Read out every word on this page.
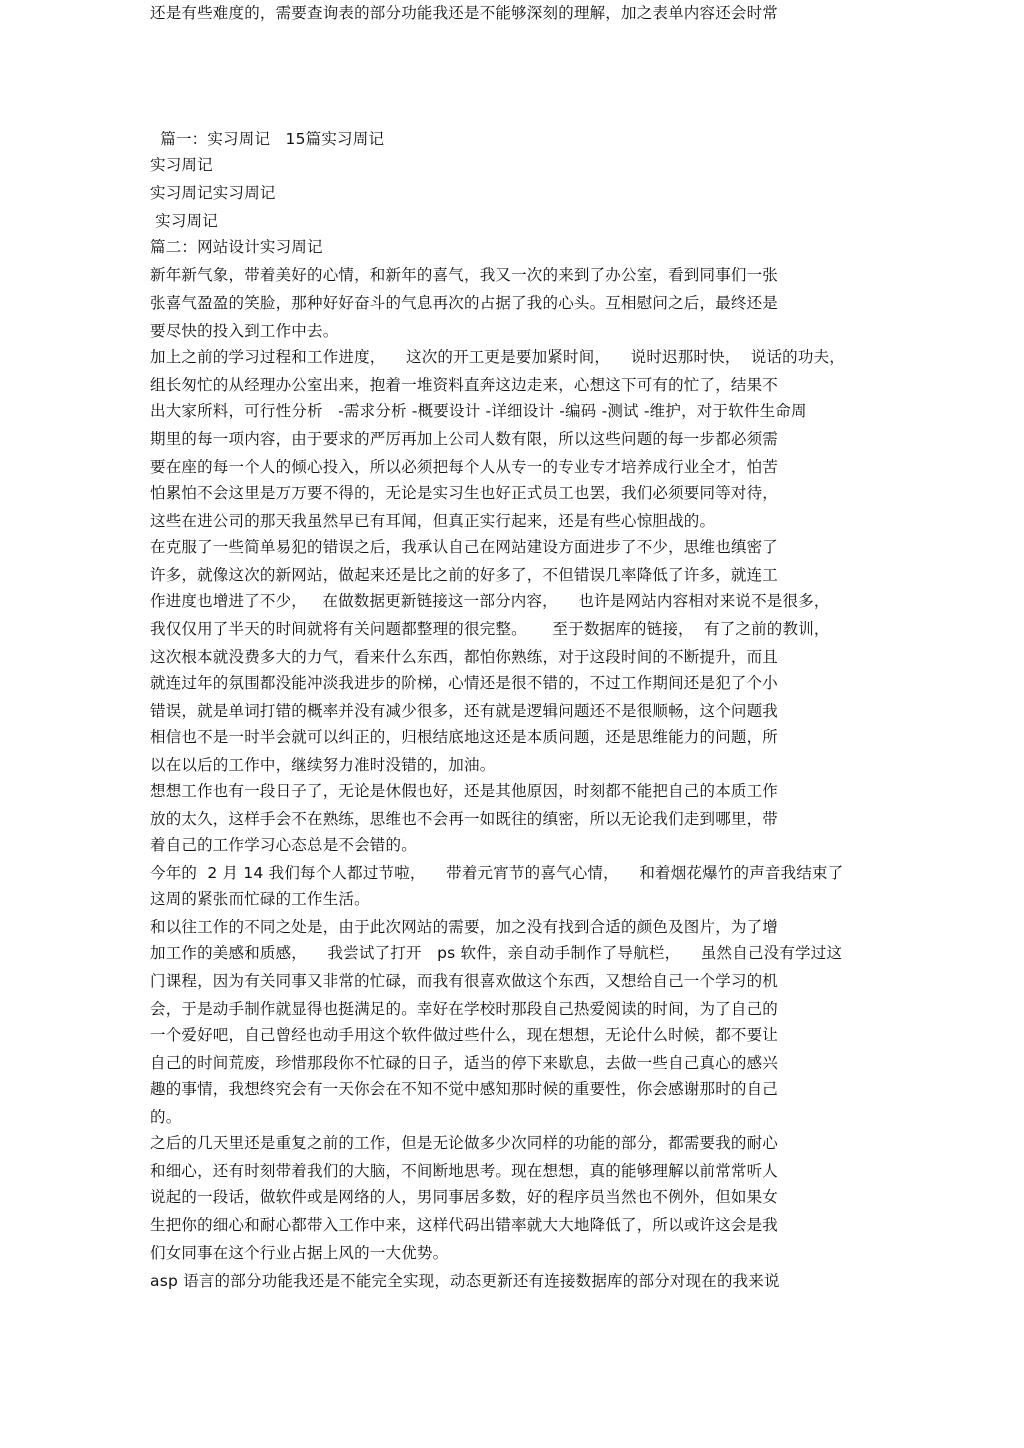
篇一：实习周记   15篇实习周记
实习周记
实习周记实习周记
实习周记
篇二：网站设计实习周记
新年新气象，带着美好的心情，和新年的喜气，我又一次的来到了办公室，看到同事们一张
张喜气盈盈的笑脸，那种好好奋斗的气息再次的占据了我的心头。互相慰问之后，最终还是
要尽快的投入到工作中去。
加上之前的学习过程和工作进度，    这次的开工更是要加紧时间，    说时迟那时快，  说话的功夫，
组长匆忙的从经理办公室出来，抱着一堆资料直奔这边走来，心想这下可有的忙了，结果不
出大家所料，可行性分析   -需求分析 -概要设计 -详细设计 -编码 -测试 -维护，对于软件生命周
期里的每一项内容，由于要求的严厉再加上公司人数有限，所以这些问题的每一步都必须需
要在座的每一个人的倾心投入，所以必须把每个人从专一的专业专才培养成行业全才，怕苦
怕累怕不会这里是万万要不得的，无论是实习生也好正式员工也罢，我们必须要同等对待，
这些在进公司的那天我虽然早已有耳闻，但真正实行起来，还是有些心惊胆战的。
在克服了一些简单易犯的错误之后，我承认自己在网站建设方面进步了不少，思维也缜密了
许多，就像这次的新网站，做起来还是比之前的好多了，不但错误几率降低了许多，就连工
作进度也增进了不少，   在做数据更新链接这一部分内容，    也许是网站内容相对来说不是很多，
我仅仅用了半天的时间就将有关问题都整理的很完整。     至于数据库的链接，  有了之前的教训，
这次根本就没费多大的力气，看来什么东西，都怕你熟练，对于这段时间的不断提升，而且
就连过年的氛围都没能冲淡我进步的阶梯，心情还是很不错的，不过工作期间还是犯了个小
错误，就是单词打错的概率并没有减少很多，还有就是逻辑问题还不是很顺畅，这个问题我
相信也不是一时半会就可以纠正的，归根结底地这还是本质问题，还是思维能力的问题，所
以在以后的工作中，继续努力准时没错的，加油。
想想工作也有一段日子了，无论是休假也好，还是其他原因，时刻都不能把自己的本质工作
放的太久，这样手会不在熟练，思维也不会再一如既往的缜密，所以无论我们走到哪里，带
着自己的工作学习心态总是不会错的。
今年的  2 月 14 我们每个人都过节啦，    带着元宵节的喜气心情，    和着烟花爆竹的声音我结束了
这周的紧张而忙碌的工作生活。
和以往工作的不同之处是，由于此次网站的需要，加之没有找到合适的颜色及图片，为了增
加工作的美感和质感，    我尝试了打开   ps 软件，亲自动手制作了导航栏，    虽然自己没有学过这
门课程，因为有关同事又非常的忙碌，而我有很喜欢做这个东西，又想给自己一个学习的机
会，于是动手制作就显得也挺满足的。幸好在学校时那段自己热爱阅读的时间，为了自己的
一个爱好吧，自己曾经也动手用这个软件做过些什么，现在想想，无论什么时候，都不要让
自己的时间荒废，珍惜那段你不忙碌的日子，适当的停下来歇息，去做一些自己真心的感兴
趣的事情，我想终究会有一天你会在不知不觉中感知那时候的重要性，你会感谢那时的自己
的。
之后的几天里还是重复之前的工作，但是无论做多少次同样的功能的部分，都需要我的耐心
和细心，还有时刻带着我们的大脑，不间断地思考。现在想想，真的能够理解以前常常听人
说起的一段话，做软件或是网络的人，男同事居多数，好的程序员当然也不例外，但如果女
生把你的细心和耐心都带入工作中来，这样代码出错率就大大地降低了，所以或许这会是我
们女同事在这个行业占据上风的一大优势。
asp 语言的部分功能我还是不能完全实现，动态更新还有连接数据库的部分对现在的我来说
还是有些难度的，需要查询表的部分功能我还是不能够深刻的理解，加之表单内容还会时常
